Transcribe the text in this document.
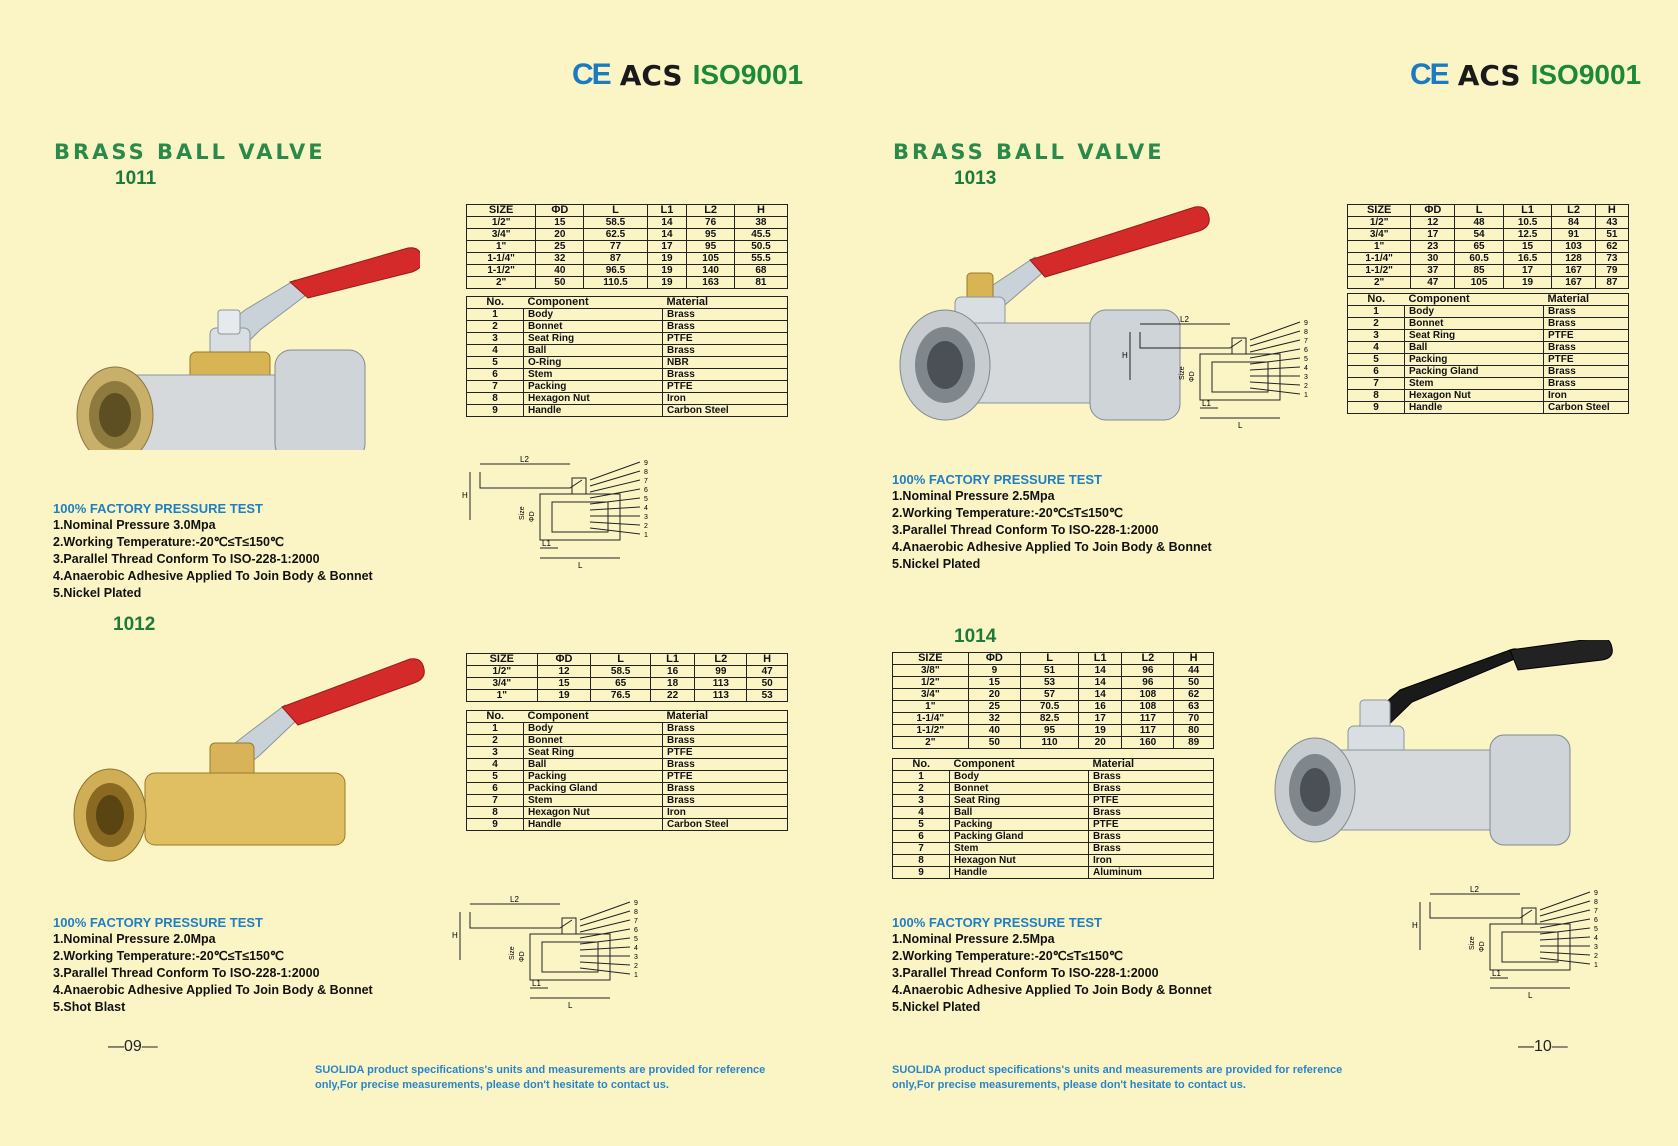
CE ACS ISO9001
BRASS BALL VALVE
1011
SIZE	ΦD	L	L1	L2	H
1/2"	15	58.5	14	76	38
3/4"	20	62.5	14	95	45.5
1"	25	77	17	95	50.5
1-1/4"	32	87	19	105	55.5
1-1/2"	40	96.5	19	140	68
2"	50	110.5	19	163	81
No.	Component	Material
1	Body	Brass
2	Bonnet	Brass
3	Seat Ring	PTFE
4	Ball	Brass
5	O-Ring	NBR
6	Stem	Brass
7	Packing	PTFE
8	Hexagon Nut	Iron
9	Handle	Carbon Steel
L2
H
L
L1
Size ΦD
9
8
7
6
5
4
3
2
1
100% FACTORY PRESSURE TEST
1.Nominal Pressure 3.0Mpa
2.Working Temperature:-20℃≤T≤150℃
3.Parallel Thread Conform To ISO-228-1:2000
4.Anaerobic Adhesive Applied To Join Body & Bonnet
5.Nickel Plated
1012
SIZE	ΦD	L	L1	L2	H
1/2"	12	58.5	16	99	47
3/4"	15	65	18	113	50
1"	19	76.5	22	113	53
No.	Component	Material
1	Body	Brass
2	Bonnet	Brass
3	Seat Ring	PTFE
4	Ball	Brass
5	Packing	PTFE
6	Packing Gland	Brass
7	Stem	Brass
8	Hexagon Nut	Iron
9	Handle	Carbon Steel
L2
H
L
L1
Size ΦD
9
8
7
6
5
4
3
2
1
100% FACTORY PRESSURE TEST
1.Nominal Pressure 2.0Mpa
2.Working Temperature:-20℃≤T≤150℃
3.Parallel Thread Conform To ISO-228-1:2000
4.Anaerobic Adhesive Applied To Join Body & Bonnet
5.Shot Blast
—09—
SUOLIDA product specifications's units and measurements are provided for reference
only,For precise measurements, please don't hesitate to contact us.
CE ACS ISO9001
BRASS BALL VALVE
1013
L2
H
L
L1
Size ΦD
9
8
7
6
5
4
3
2
1
SIZE	ΦD	L	L1	L2	H
1/2"	12	48	10.5	84	43
3/4"	17	54	12.5	91	51
1"	23	65	15	103	62
1-1/4"	30	60.5	16.5	128	73
1-1/2"	37	85	17	167	79
2"	47	105	19	167	87
No.	Component	Material
1	Body	Brass
2	Bonnet	Brass
3	Seat Ring	PTFE
4	Ball	Brass
5	Packing	PTFE
6	Packing Gland	Brass
7	Stem	Brass
8	Hexagon Nut	Iron
9	Handle	Carbon Steel
100% FACTORY PRESSURE TEST
1.Nominal Pressure 2.5Mpa
2.Working Temperature:-20℃≤T≤150℃
3.Parallel Thread Conform To ISO-228-1:2000
4.Anaerobic Adhesive Applied To Join Body & Bonnet
5.Nickel Plated
1014
SIZE	ΦD	L	L1	L2	H
3/8"	9	51	14	96	44
1/2"	15	53	14	96	50
3/4"	20	57	14	108	62
1"	25	70.5	16	108	63
1-1/4"	32	82.5	17	117	70
1-1/2"	40	95	19	117	80
2"	50	110	20	160	89
No.	Component	Material
1	Body	Brass
2	Bonnet	Brass
3	Seat Ring	PTFE
4	Ball	Brass
5	Packing	PTFE
6	Packing Gland	Brass
7	Stem	Brass
8	Hexagon Nut	Iron
9	Handle	Aluminum
L2
H
L
L1
Size ΦD
9
8
7
6
5
4
3
2
1
100% FACTORY PRESSURE TEST
1.Nominal Pressure 2.5Mpa
2.Working Temperature:-20℃≤T≤150℃
3.Parallel Thread Conform To ISO-228-1:2000
4.Anaerobic Adhesive Applied To Join Body & Bonnet
5.Nickel Plated
—10—
SUOLIDA product specifications's units and measurements are provided for reference
only,For precise measurements, please don't hesitate to contact us.
